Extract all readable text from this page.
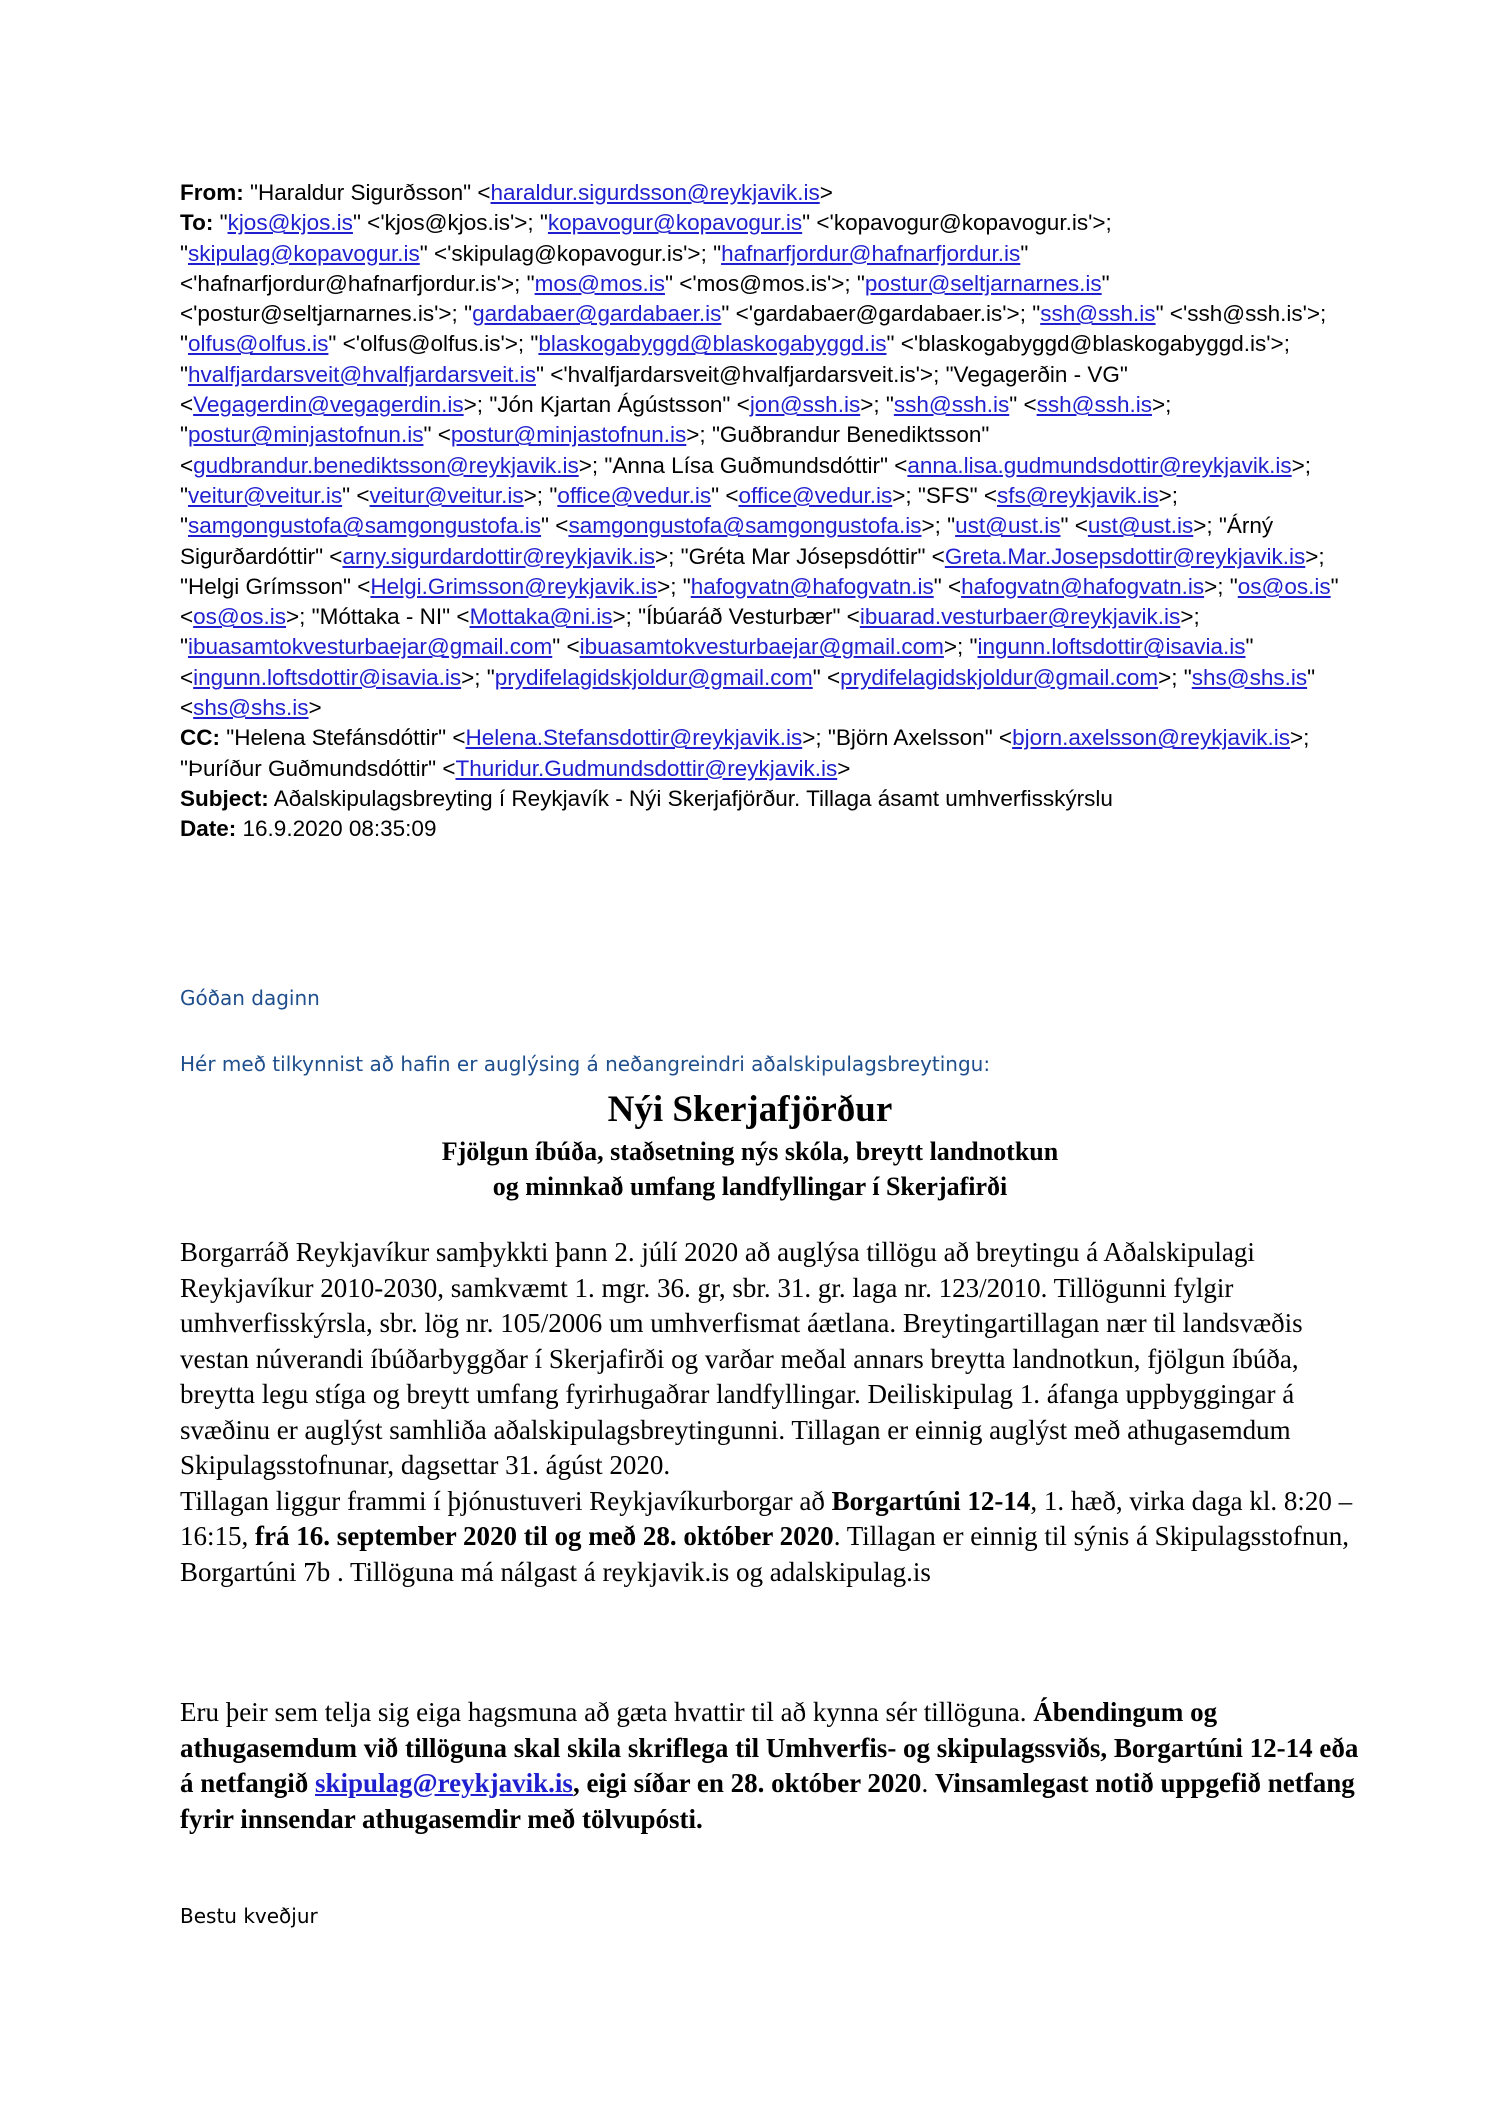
From: "Haraldur Sigurðsson" <haraldur.sigurdsson@reykjavik.is>
To: "kjos@kjos.is" <'kjos@kjos.is'>; "kopavogur@kopavogur.is" <'kopavogur@kopavogur.is'>; "skipulag@kopavogur.is" <'skipulag@kopavogur.is'>; "hafnarfjordur@hafnarfjordur.is" <'hafnarfjordur@hafnarfjordur.is'>; "mos@mos.is" <'mos@mos.is'>; "postur@seltjarnarnes.is" <'postur@seltjarnarnes.is'>; "gardabaer@gardabaer.is" <'gardabaer@gardabaer.is'>; "ssh@ssh.is" <'ssh@ssh.is'>; "olfus@olfus.is" <'olfus@olfus.is'>; "blaskogabyggd@blaskogabyggd.is" <'blaskogabyggd@blaskogabyggd.is'>; "hvalfjardarsveit@hvalfjardarsveit.is" <'hvalfjardarsveit@hvalfjardarsveit.is'>; "Vegagerðin - VG" <Vegagerdin@vegagerdin.is>; "Jón Kjartan Ágústsson" <jon@ssh.is>; "ssh@ssh.is" <ssh@ssh.is>; "postur@minjastofnun.is" <postur@minjastofnun.is>; "Guðbrandur Benediktsson" <gudbrandur.benediktsson@reykjavik.is>; "Anna Lísa Guðmundsdóttir" <anna.lisa.gudmundsdottir@reykjavik.is>; "veitur@veitur.is" <veitur@veitur.is>; "office@vedur.is" <office@vedur.is>; "SFS" <sfs@reykjavik.is>; "samgongustofa@samgongustofa.is" <samgongustofa@samgongustofa.is>; "ust@ust.is" <ust@ust.is>; "Árný Sigurðardóttir" <arny.sigurdardottir@reykjavik.is>; "Gréta Mar Jósepsdóttir" <Greta.Mar.Josepsdottir@reykjavik.is>; "Helgi Grímsson" <Helgi.Grimsson@reykjavik.is>; "hafogvatn@hafogvatn.is" <hafogvatn@hafogvatn.is>; "os@os.is" <os@os.is>; "Móttaka - NI" <Mottaka@ni.is>; "Íbúaráð Vesturbær" <ibuarad.vesturbaer@reykjavik.is>; "ibuasamtokvesturbaejar@gmail.com" <ibuasamtokvesturbaejar@gmail.com>; "ingunn.loftsdottir@isavia.is" <ingunn.loftsdottir@isavia.is>; "prydifelagidskjoldur@gmail.com" <prydifelagidskjoldur@gmail.com>; "shs@shs.is" <shs@shs.is>
CC: "Helena Stefánsdóttir" <Helena.Stefansdottir@reykjavik.is>; "Björn Axelsson" <bjorn.axelsson@reykjavik.is>; "Þuríður Guðmundsdóttir" <Thuridur.Gudmundsdottir@reykjavik.is>
Subject: Aðalskipulagsbreyting í Reykjavík - Nýi Skerjafjörður. Tillaga ásamt umhverfisskýrslu
Date: 16.9.2020 08:35:09
Góðan daginn
Hér með tilkynnist að hafin er auglýsing á neðangreindri aðalskipulagsbreytingu:
Nýi Skerjafjörður
Fjölgun íbúða, staðsetning nýs skóla, breytt landnotkun
og minnkað umfang landfyllingar í Skerjafirði
Borgarráð Reykjavíkur samþykkti þann 2. júlí 2020 að auglýsa tillögu að breytingu á Aðalskipulagi Reykjavíkur 2010-2030, samkvæmt 1. mgr. 36. gr, sbr. 31. gr. laga nr. 123/2010. Tillögunni fylgir umhverfisskýrsla, sbr. lög nr. 105/2006 um umhverfismat áætlana. Breytingartillagan nær til landsvæðis vestan núverandi íbúðarbyggðar í Skerjafirði og varðar meðal annars breytta landnotkun, fjölgun íbúða, breytta legu stíga og breytt umfang fyrirhugaðrar landfyllingar. Deiliskipulag 1. áfanga uppbyggingar á svæðinu er auglýst samhliða aðalskipulagsbreytingunni. Tillagan er einnig auglýst með athugasemdum Skipulagsstofnunar, dagsettar 31. ágúst 2020.
Tillagan liggur frammi í þjónustuveri Reykjavíkurborgar að Borgartúni 12-14, 1. hæð, virka daga kl. 8:20 – 16:15, frá 16. september 2020 til og með 28. október 2020. Tillagan er einnig til sýnis á Skipulagsstofnun, Borgartúni 7b . Tillöguna má nálgast á reykjavik.is og adalskipulag.is
Eru þeir sem telja sig eiga hagsmuna að gæta hvattir til að kynna sér tillöguna. Ábendingum og athugasemdum við tillöguna skal skila skriflega til Umhverfis- og skipulagssviðs, Borgartúni 12-14 eða á netfangið skipulag@reykjavik.is, eigi síðar en 28. október 2020. Vinsamlegast notið uppgefið netfang fyrir innsendar athugasemdir með tölvupósti.
Bestu kveðjur
